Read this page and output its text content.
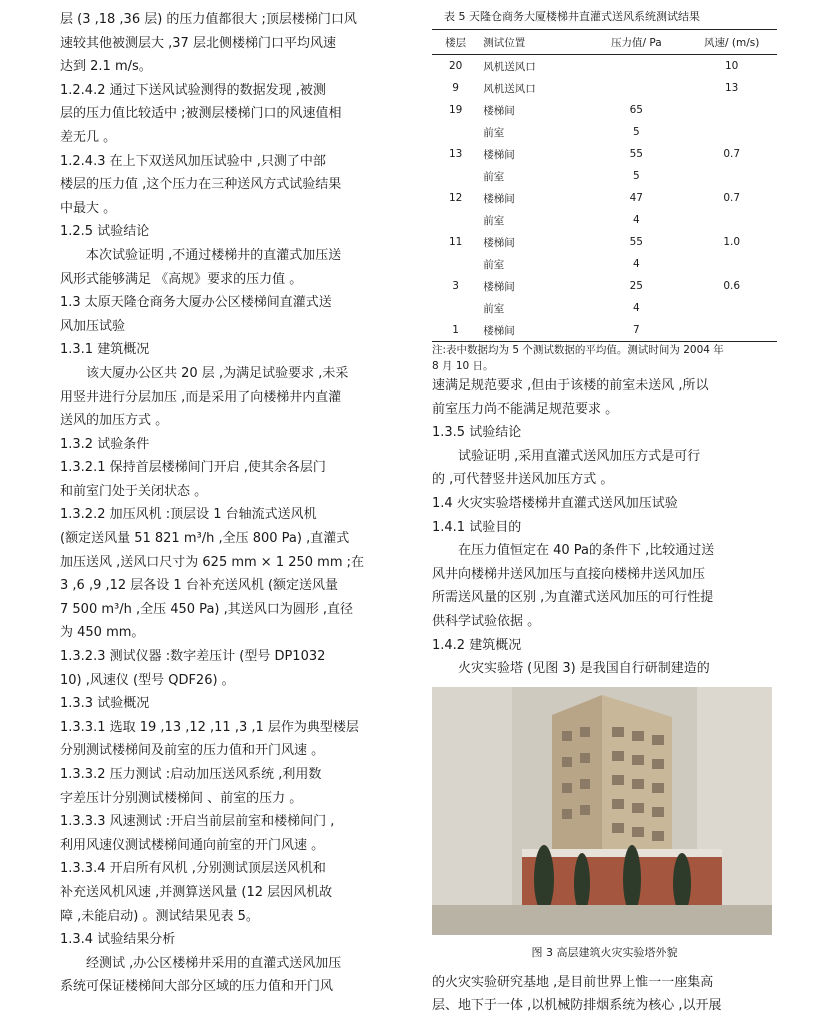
层 (3 ,18 ,36 层) 的压力值都很大 ;顶层楼梯门口风
速较其他被测层大 ,37 层北侧楼梯门口平均风速
达到 2.1 m/s。
1.2.4.2 通过下送风试验测得的数据发现 ,被测
层的压力值比较适中 ;被测层楼梯门口的风速值相
差无几 。
1.2.4.3 在上下双送风加压试验中 ,只测了中部
楼层的压力值 ,这个压力在三种送风方式试验结果
中最大 。
1.2.5 试验结论
本次试验证明 ,不通过楼梯井的直灌式加压送
风形式能够满足 《高规》要求的压力值 。
1.3 太原天隆仓商务大厦办公区楼梯间直灌式送
风加压试验
1.3.1 建筑概况
该大厦办公区共 20 层 ,为满足试验要求 ,未采
用竖井进行分层加压 ,而是采用了向楼梯井内直灌
送风的加压方式 。
1.3.2 试验条件
1.3.2.1 保持首层楼梯间门开启 ,使其余各层门
和前室门处于关闭状态 。
1.3.2.2 加压风机 :顶层设 1 台轴流式送风机
(额定送风量 51 821 m³/h ,全压 800 Pa) ,直灌式
加压送风 ,送风口尺寸为 625 mm × 1 250 mm ;在
3 ,6 ,9 ,12 层各设 1 台补充送风机 (额定送风量
7 500 m³/h ,全压 450 Pa) ,其送风口为圆形 ,直径
为 450 mm。
1.3.2.3 测试仪器 :数字差压计 (型号 DP1032
10) ,风速仪 (型号 QDF26) 。
1.3.3 试验概况
1.3.3.1 选取 19 ,13 ,12 ,11 ,3 ,1 层作为典型楼层
分别测试楼梯间及前室的压力值和开门风速 。
1.3.3.2 压力测试 :启动加压送风系统 ,利用数
字差压计分别测试楼梯间 、前室的压力 。
1.3.3.3 风速测试 :开启当前层前室和楼梯间门 ,
利用风速仪测试楼梯间通向前室的开门风速 。
1.3.3.4 开启所有风机 ,分别测试顶层送风机和
补充送风机风速 ,并测算送风量 (12 层因风机故
障 ,未能启动) 。测试结果见表 5。
1.3.4 试验结果分析
经测试 ,办公区楼梯井采用的直灌式送风加压
系统可保证楼梯间大部分区域的压力值和开门风
表 5 天隆仓商务大厦楼梯井直灌式送风系统测试结果
楼层	测试位置	压力值/ Pa	风速/ (m/s)
20	风机送风口		10
9	风机送风口		13
19	楼梯间	65	
	前室	5	
13	楼梯间	55	0.7
	前室	5	
12	楼梯间	47	0.7
	前室	4	
11	楼梯间	55	1.0
	前室	4	
3	楼梯间	25	0.6
	前室	4	
1	楼梯间	7	
注:表中数据均为 5 个测试数据的平均值。测试时间为 2004 年
8 月 10 日。
速满足规范要求 ,但由于该楼的前室未送风 ,所以
前室压力尚不能满足规范要求 。
1.3.5 试验结论
试验证明 ,采用直灌式送风加压方式是可行
的 ,可代替竖井送风加压方式 。
1.4 火灾实验塔楼梯井直灌式送风加压试验
1.4.1 试验目的
在压力值恒定在 40 Pa的条件下 ,比较通过送
风井向楼梯井送风加压与直接向楼梯井送风加压
所需送风量的区别 ,为直灌式送风加压的可行性提
供科学试验依据 。
1.4.2 建筑概况
火灾实验塔 (见图 3) 是我国自行研制建造的
图 3 高层建筑火灾实验塔外貌
的火灾实验研究基地 ,是目前世界上惟一一座集高
层、地下于一体 ,以机械防排烟系统为核心 ,以开展
